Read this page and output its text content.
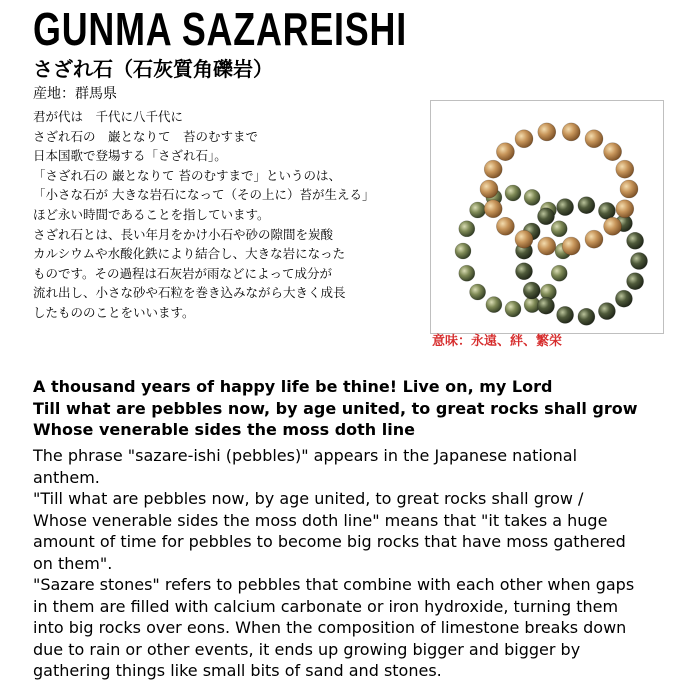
GUNMA SAZAREISHI
さざれ石（石灰質角礫岩）
産地：群馬県
君が代は　千代に八千代に
さざれ石の　巌となりて　苔のむすまで
日本国歌で登場する「さざれ石」。
「さざれ石の 巌となりて 苔のむすまで」というのは、
「小さな石が 大きな岩石になって（その上に）苔が生える」
ほど永い時間であることを指しています。
さざれ石とは、長い年月をかけ小石や砂の隙間を炭酸
カルシウムや水酸化鉄により結合し、大きな岩になった
ものです。その過程は石灰岩が雨などによって成分が
流れ出し、小さな砂や石粒を巻き込みながら大きく成長
したもののことをいいます。
意味：永遠、絆、繁栄
A thousand years of happy life be thine! Live on, my Lord
Till what are pebbles now, by age united, to great rocks shall grow
Whose venerable sides the moss doth line
The phrase "sazare-ishi (pebbles)" appears in the Japanese national
anthem.
"Till what are pebbles now, by age united, to great rocks shall grow /
Whose venerable sides the moss doth line" means that "it takes a huge
amount of time for pebbles to become big rocks that have moss gathered
on them".
"Sazare stones" refers to pebbles that combine with each other when gaps
in them are filled with calcium carbonate or iron hydroxide, turning them
into big rocks over eons. When the composition of limestone breaks down
due to rain or other events, it ends up growing bigger and bigger by
gathering things like small bits of sand and stones.
